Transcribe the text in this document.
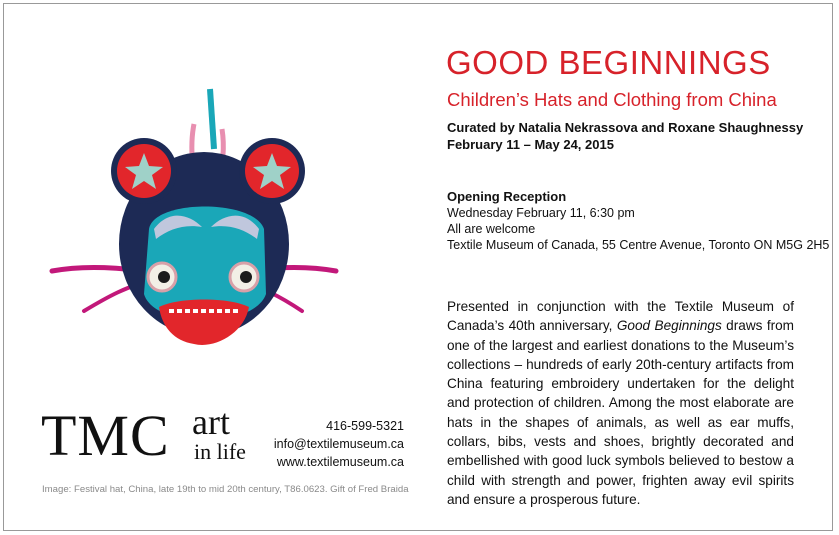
GOOD BEGINNINGS
Children’s Hats and Clothing from China
Curated by Natalia Nekrassova and Roxane Shaughnessy
February 11 – May 24, 2015
Opening Reception
Wednesday February 11, 6:30 pm
All are welcome
Textile Museum of Canada, 55 Centre Avenue, Toronto ON M5G 2H5
Presented in conjunction with the Textile Museum of Canada’s 40th anniversary, Good Beginnings draws from one of the largest and earliest donations to the Museum’s collections – hundreds of early 20th-century artifacts from China featuring embroidery undertaken for the delight and protection of children. Among the most elaborate are hats in the shapes of animals, as well as ear muffs, collars, bibs, vests and shoes, brightly decorated and embellished with good luck symbols believed to bestow a child with strength and power, frighten away evil spirits and ensure a prosperous future.
TMC art
in life
416-599-5321
info@textilemuseum.ca
www.textilemuseum.ca
Image: Festival hat, China, late 19th to mid 20th century, T86.0623. Gift of Fred Braida
